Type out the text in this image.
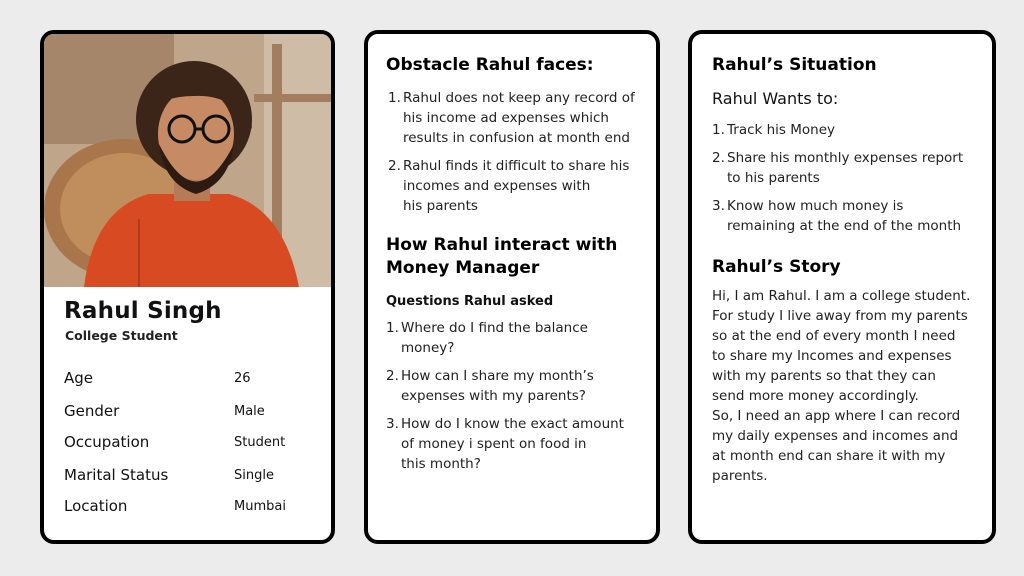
Rahul Singh
College Student
Age	26
Gender	Male
Occupation	Student
Marital Status	Single
Location	Mumbai
Obstacle Rahul faces:
1. Rahul does not keep any record of
his income ad expenses which
results in confusion at month end
2. Rahul finds it difficult to share his
incomes and expenses with
his parents
How Rahul interact with
Money Manager
Questions Rahul asked
1. Where do I find the balance
money?
2. How can I share my month’s
expenses with my parents?
3. How do I know the exact amount
of money i spent on food in
this month?
Rahul’s Situation
Rahul Wants to:
1. Track his Money
2. Share his monthly expenses report
to his parents
3. Know how much money is
remaining at the end of the month
Rahul’s Story
Hi, I am Rahul. I am a college student.
For study I live away from my parents
so at the end of every month I need
to share my Incomes and expenses
with my parents so that they can
send more money accordingly.
So, I need an app where I can record
my daily expenses and incomes and
at month end can share it with my
parents.
